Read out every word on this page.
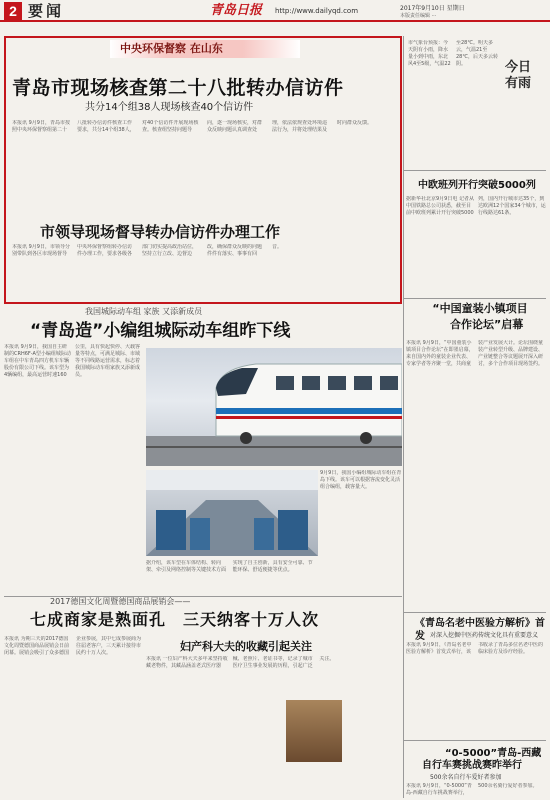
2 要闻	青岛日报 http://www.dailyqd.com	2017年9月10日 星期日
本版责任编辑 ···
中央环保督察 在山东
青岛市现场核查第二十八批转办信访件
共分14个组38人现场核查40个信访件
本报讯 9月9日，青岛市按照中央环保督察组第二十八批转办信访件核查工作要求，共分14个组38人，对40个信访件开展现场核查。核查组坚持问题导向，逐一现场核实，对群众反映问题认真调查处理，依法依规查处环境违法行为，并将处理结果及时向群众反馈。
市领导现场督导转办信访件办理工作
本报讯 9月9日，市领导分别带队到各区市现场督导中央环保督察组转办信访件办理工作，要求各级各部门切实提高政治站位，坚持立行立改、边督边改，确保群众反映的问题件件有落实、事事有回音。
市气象台预报：今天阴有小雨，降水量小到中雨，东北风4至5级，气温22至28℃。明天多云，气温21至28℃，后天多云转阴。	今日有雨
中欧班列开行突破5000列
据新华社北京9月9日电 记者从中国铁路总公司获悉，截至目前中欧班列累计开行突破5000列，国内开行城市达35个，到达欧洲12个国家34个城市，运行线路达61条。
“中国童装小镇项目
合作论坛”启幕
本报讯 9月9日，“中国童装小镇项目合作论坛”在即墨启幕，来自国内外的童装企业代表、专家学者等齐聚一堂，共商童装产业发展大计。论坛围绕童装产业转型升级、品牌建设、产业链整合等议题展开深入研讨，多个合作项目现场签约。
《青岛名老中医验方解析》首发 对深入挖掘中医药传统文化具有重要意义
本报讯 9月9日，《青岛名老中医验方解析》首发式举行，该书收录了青岛多位名老中医的临床验方及诊疗经验。
“0-5000”青岛-西藏
自行车赛挑战赛昨举行
500余名自行车爱好者参加
本报讯 9月9日，“0-5000”青岛-西藏自行车挑战赛举行，500余名骑行爱好者参加。
我国城际动车组 家族 又添新成员
“青岛造”小编组城际动车组昨下线
本报讯 9月9日，我国自主研制的CRH6F-A型小编组城际动车组在中车青岛四方机车车辆股份有限公司下线。该车型为4辆编组，最高运营时速160公里，具有快起快停、大载客量等特点，可满足城际、市域等不同线路运营需求，标志着我国城际动车组家族又添新成员。
9月9日，我国小编组城际动车组在青岛下线。该车可以根据客流变化灵活组合编组，载客量大。
据介绍，该车型在车体结构、转向架、牵引及网络控制等关键技术方面实现了自主创新，具有安全可靠、节能环保、舒适便捷等优点。
2017德国文化周暨德国商品展销会——
七成商家是熟面孔　三天纳客十万人次
本报讯 为期三天的2017德国文化周暨德国商品展销会日前闭幕。展销会吸引了众多德国企业参展，其中七成参展商为往届老客户，三天累计接待市民约十万人次。	妇产科大夫的收藏引起关注
本报讯 一位妇产科大夫多年来坚持收藏老物件，其藏品涵盖老式医疗器械、老照片、老证书等，记录了城市医疗卫生事业发展的历程，引起广泛关注。
